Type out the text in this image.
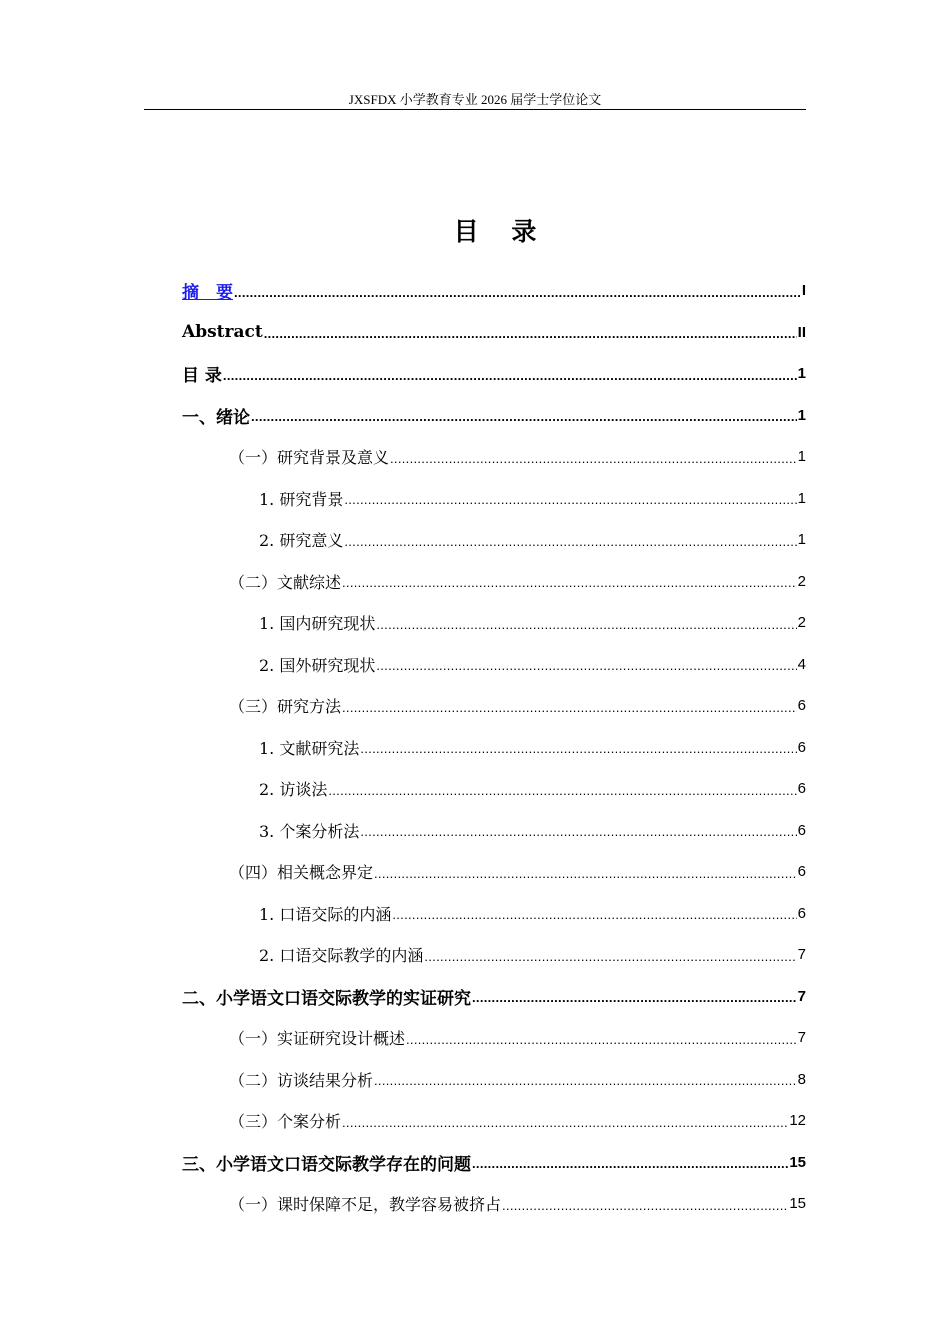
JXSFDX 小学教育专业 2026 届学士学位论文
目 录
摘　要 .....	I
Abstract .....	II
目 录 .....	1
一、绪论 .....	1
（一）研究背景及意义 .....	1
1. 研究背景 .....	1
2. 研究意义 .....	1
（二）文献综述 .....	2
1. 国内研究现状 .....	2
2. 国外研究现状 .....	4
（三）研究方法 .....	6
1. 文献研究法 .....	6
2. 访谈法 .....	6
3. 个案分析法 .....	6
（四）相关概念界定 .....	6
1. 口语交际的内涵 .....	6
2. 口语交际教学的内涵 .....	7
二、小学语文口语交际教学的实证研究 .....	7
（一）实证研究设计概述 .....	7
（二）访谈结果分析 .....	8
（三）个案分析 .....	12
三、小学语文口语交际教学存在的问题 .....	15
（一）课时保障不足，教学容易被挤占 .....	15
